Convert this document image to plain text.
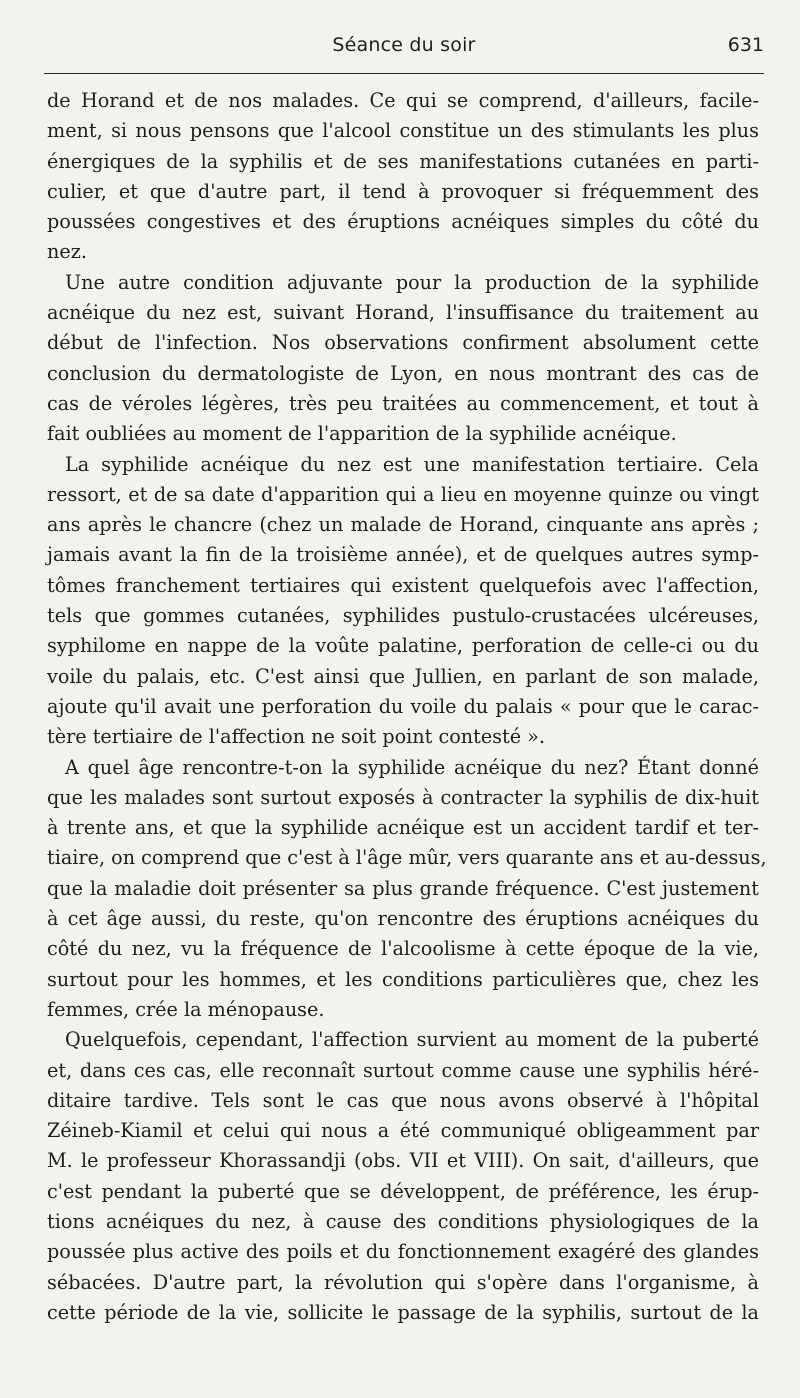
Séance du soir	631
de Horand et de nos malades. Ce qui se comprend, d'ailleurs, facile-
ment, si nous pensons que l'alcool constitue un des stimulants les plus
énergiques de la syphilis et de ses manifestations cutanées en parti-
culier, et que d'autre part, il tend à provoquer si fréquemment des
poussées congestives et des éruptions acnéiques simples du côté du
nez.
Une autre condition adjuvante pour la production de la syphilide
acnéique du nez est, suivant Horand, l'insuffisance du traitement au
début de l'infection. Nos observations confirment absolument cette
conclusion du dermatologiste de Lyon, en nous montrant des cas de
cas de véroles légères, très peu traitées au commencement, et tout à
fait oubliées au moment de l'apparition de la syphilide acnéique.
La syphilide acnéique du nez est une manifestation tertiaire. Cela
ressort, et de sa date d'apparition qui a lieu en moyenne quinze ou vingt
ans après le chancre (chez un malade de Horand, cinquante ans après ;
jamais avant la fin de la troisième année), et de quelques autres symp-
tômes franchement tertiaires qui existent quelquefois avec l'affection,
tels que gommes cutanées, syphilides pustulo-crustacées ulcéreuses,
syphilome en nappe de la voûte palatine, perforation de celle-ci ou du
voile du palais, etc. C'est ainsi que Jullien, en parlant de son malade,
ajoute qu'il avait une perforation du voile du palais « pour que le carac-
tère tertiaire de l'affection ne soit point contesté ».
A quel âge rencontre-t-on la syphilide acnéique du nez? Étant donné
que les malades sont surtout exposés à contracter la syphilis de dix-huit
à trente ans, et que la syphilide acnéique est un accident tardif et ter-
tiaire, on comprend que c'est à l'âge mûr, vers quarante ans et au-dessus,
que la maladie doit présenter sa plus grande fréquence. C'est justement
à cet âge aussi, du reste, qu'on rencontre des éruptions acnéiques du
côté du nez, vu la fréquence de l'alcoolisme à cette époque de la vie,
surtout pour les hommes, et les conditions particulières que, chez les
femmes, crée la ménopause.
Quelquefois, cependant, l'affection survient au moment de la puberté
et, dans ces cas, elle reconnaît surtout comme cause une syphilis héré-
ditaire tardive. Tels sont le cas que nous avons observé à l'hôpital
Zéineb-Kiamil et celui qui nous a été communiqué obligeamment par
M. le professeur Khorassandji (obs. VII et VIII). On sait, d'ailleurs, que
c'est pendant la puberté que se développent, de préférence, les érup-
tions acnéiques du nez, à cause des conditions physiologiques de la
poussée plus active des poils et du fonctionnement exagéré des glandes
sébacées. D'autre part, la révolution qui s'opère dans l'organisme, à
cette période de la vie, sollicite le passage de la syphilis, surtout de la
